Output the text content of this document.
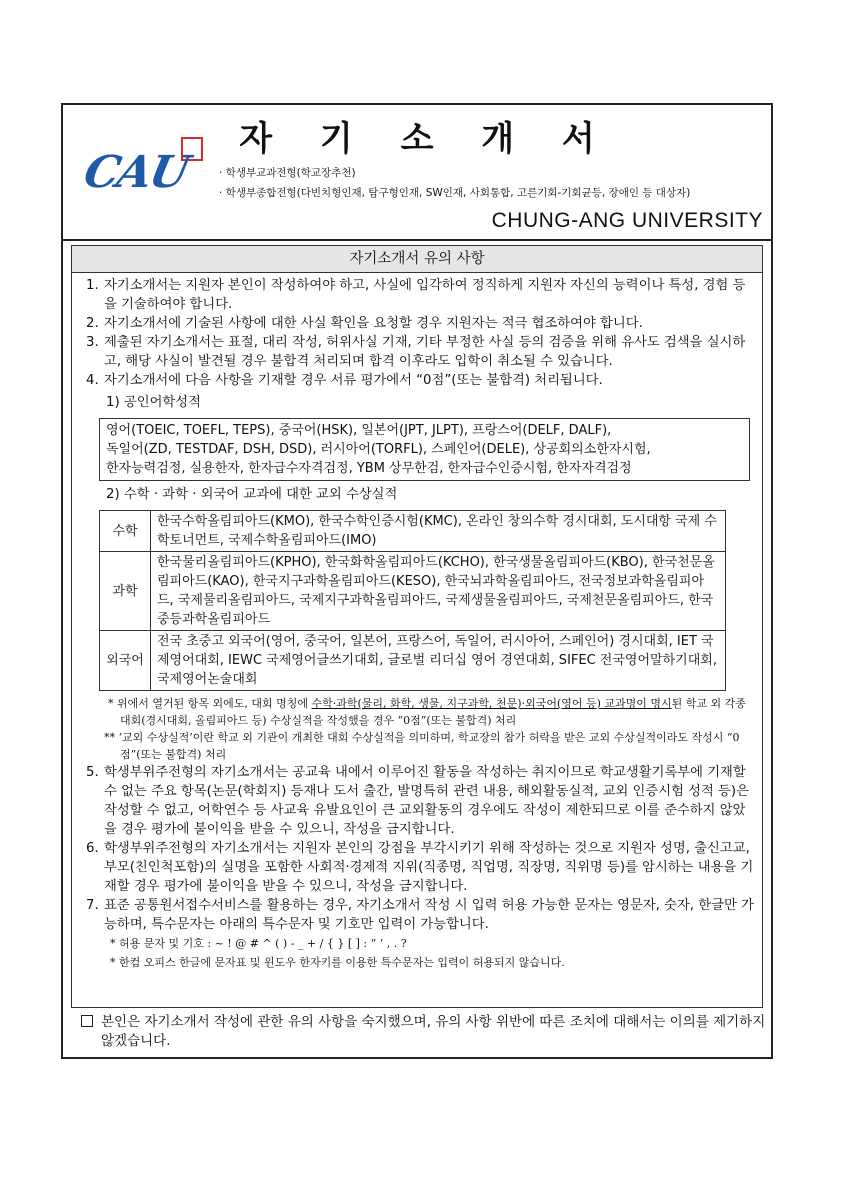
자 기 소 개 서
CAU	· 학생부교과전형(학교장추천)
· 학생부종합전형(다빈치형인재, 탐구형인재, SW인재, 사회통합, 고른기회-기회균등, 장애인 등 대상자)
CHUNG-ANG UNIVERSITY
자기소개서 유의 사항
1. 자기소개서는 지원자 본인이 작성하여야 하고, 사실에 입각하여 정직하게 지원자 자신의 능력이나 특성, 경험 등을 기술하여야 합니다.
2. 자기소개서에 기술된 사항에 대한 사실 확인을 요청할 경우 지원자는 적극 협조하여야 합니다.
3. 제출된 자기소개서는 표절, 대리 작성, 허위사실 기재, 기타 부정한 사실 등의 검증을 위해 유사도 검색을 실시하고, 해당 사실이 발견될 경우 불합격 처리되며 합격 이후라도 입학이 취소될 수 있습니다.
4. 자기소개서에 다음 사항을 기재할 경우 서류 평가에서 “0점”(또는 불합격) 처리됩니다.
1) 공인어학성적
영어(TOEIC, TOEFL, TEPS), 중국어(HSK), 일본어(JPT, JLPT), 프랑스어(DELF, DALF),
독일어(ZD, TESTDAF, DSH, DSD), 러시아어(TORFL), 스페인어(DELE), 상공회의소한자시험,
한자능력검정, 실용한자, 한자급수자격검정, YBM 상무한검, 한자급수인증시험, 한자자격검정
2) 수학 · 과학 · 외국어 교과에 대한 교외 수상실적
수학	한국수학올림피아드(KMO), 한국수학인증시험(KMC), 온라인 창의수학 경시대회, 도시대항 국제 수학토너먼트, 국제수학올림피아드(IMO)
과학	한국물리올림피아드(KPHO), 한국화학올림피아드(KCHO), 한국생물올림피아드(KBO), 한국천문올림피아드(KAO), 한국지구과학올림피아드(KESO), 한국뇌과학올림피아드, 전국정보과학올림피아드, 국제물리올림피아드, 국제지구과학올림피아드, 국제생물올림피아드, 국제천문올림피아드, 한국중등과학올림피아드
외국어	전국 초중고 외국어(영어, 중국어, 일본어, 프랑스어, 독일어, 러시아어, 스페인어) 경시대회, IET 국제영어대회, IEWC 국제영어글쓰기대회, 글로벌 리더십 영어 경연대회, SIFEC 전국영어말하기대회, 국제영어논술대회
* 위에서 열거된 항목 외에도, 대회 명칭에 수학·과학(물리, 화학, 생물, 지구과학, 천문)·외국어(영어 등) 교과명이 명시된 학교 외 각종 대회(경시대회, 올림피아드 등) 수상실적을 작성했을 경우 “0점”(또는 불합격) 처리
** ‘교외 수상실적’이란 학교 외 기관이 개최한 대회 수상실적을 의미하며, 학교장의 참가 허락을 받은 교외 수상실적이라도 작성시 “0점”(또는 불합격) 처리
5. 학생부위주전형의 자기소개서는 공교육 내에서 이루어진 활동을 작성하는 취지이므로 학교생활기록부에 기재할 수 없는 주요 항목(논문(학회지) 등재나 도서 출간, 발명특허 관련 내용, 해외활동실적, 교외 인증시험 성적 등)은 작성할 수 없고, 어학연수 등 사교육 유발요인이 큰 교외활동의 경우에도 작성이 제한되므로 이를 준수하지 않았을 경우 평가에 불이익을 받을 수 있으니, 작성을 금지합니다.
6. 학생부위주전형의 자기소개서는 지원자 본인의 강점을 부각시키기 위해 작성하는 것으로 지원자 성명, 출신고교, 부모(친인척포함)의 실명을 포함한 사회적·경제적 지위(직종명, 직업명, 직장명, 직위명 등)를 암시하는 내용을 기재할 경우 평가에 불이익을 받을 수 있으니, 작성을 금지합니다.
7. 표준 공통원서접수서비스를 활용하는 경우, 자기소개서 작성 시 입력 허용 가능한 문자는 영문자, 숫자, 한글만 가능하며, 특수문자는 아래의 특수문자 및 기호만 입력이 가능합니다.
* 허용 문자 및 기호 : ~ ! @ # ^ ( ) - _ + / { } [ ] : “ ‘ , . ?
* 한컴 오피스 한글에 문자표 및 윈도우 한자키를 이용한 특수문자는 입력이 허용되지 않습니다.
본인은 자기소개서 작성에 관한 유의 사항을 숙지했으며, 유의 사항 위반에 따른 조치에 대해서는 이의를 제기하지 않겠습니다.
